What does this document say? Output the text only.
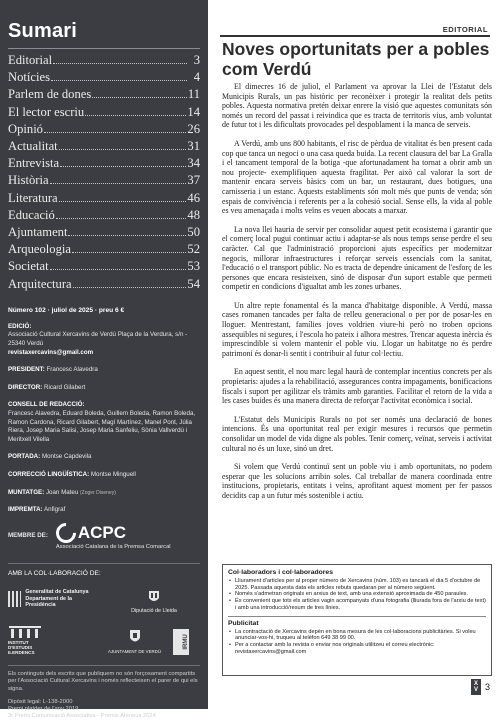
Sumari
Editorial	3
Notícies	4
Parlem de dones	11
El lector escriu	14
Opinió	26
Actualitat	31
Entrevista	34
Història	37
Literatura	46
Educació	48
Ajuntament	50
Arqueologia	52
Societat	53
Arquitectura	54
Número 102 · juliol de 2025 · preu 6 €
EDICIÓ:
Associació Cultural Xercavins de Verdú Plaça de la Verdura, s/n - 25340 Verdú
revistaxercavins@gmail.com
PRESIDENT: Francesc Alavedra
DIRECTOR: Ricard Gilabert
CONSELL DE REDACCIÓ:
Francesc Alavedra, Eduard Boleda, Guillem Boleda, Ramon Boleda, Ramon Cardona, Ricard Gilabert, Magí Martínez, Manel Pont, Júlia Riera, Josep Maria Salisi, Josep Maria Sanfeliu, Sònia Vallverdú i Meritxell Vilella
PORTADA: Montse Capdevila
CORRECCIÓ LINGÜÍSTICA: Montse Minguell
MUNTATGE: Joan Mateu (Zoger Diseney)
IMPREMTA: Anfigraf
MEMBRE DE: ACPC
Associació Catalana de la Premsa Comarcal
AMB LA COL·LABORACIÓ DE:
Generalitat de Catalunya
Departament de la Presidència
Diputació de Lleida
INSTITUT D'ESTUDIS ILERDENCS	AJUNTAMENT DE VERDÚ
IRMU
Els continguts dels escrits que publiquem no són forçosament compartits per l'Associació Cultural Xercavins i només reflecteixen el parer de qui els signa.
Dipòsit legal: L-138-2000
Premi platder de l'any 2019
3r Premi Comunicació Associativa - Premis Ateneus 2024
EDITORIAL
Noves oportunitats per a pobles com Verdú

El dimecres 16 de juliol, el Parlament va aprovar la Llei de l'Estatut dels Municipis Rurals, un pas històric per reconèixer i protegir la realitat dels petits pobles. Aquesta normativa pretén deixar enrere la visió que aquestes comunitats són només un record del passat i reivindica que es tracta de territoris vius, amb voluntat de futur tot i les dificultats provocades pel despoblament i la manca de serveis.

A Verdú, amb uns 800 habitants, el risc de pèrdua de vitalitat és ben present cada cop que tanca un negoci o una casa queda buida. La recent clausura del bar La Gralla i el tancament temporal de la botiga -que afortunadament ha tornat a obrir amb un nou projecte- exemplifiquen aquesta fragilitat. Per això cal valorar la sort de mantenir encara serveis bàsics com un bar, un restaurant, dues botigues, una carnisseria i un estanc. Aquests establiments són molt més que punts de venda; són espais de convivència i referents per a la cohesió social. Sense ells, la vida al poble es veu amenaçada i molts veïns es veuen abocats a marxar.

La nova llei hauria de servir per consolidar aquest petit ecosistema i garantir que el comerç local pugui continuar actiu i adaptar-se als nous temps sense perdre el seu caràcter. Cal que l'administració proporcioni ajuts específics per modernitzar negocis, millorar infraestructures i reforçar serveis essencials com la sanitat, l'educació o el transport públic. No es tracta de dependre únicament de l'esforç de les persones que encara resisteixen, sinó de disposar d'un suport estable que permeti competir en condicions d'igualtat amb les zones urbanes.

Un altre repte fonamental és la manca d'habitatge disponible. A Verdú, massa cases romanen tancades per falta de relleu generacional o per por de posar-les en lloguer. Mentrestant, famílies joves voldrien viure-hi però no troben opcions assequibles ni segures, i l'escola ho pateix i alhora mestres. Trencar aquesta inèrcia és imprescindible si volem mantenir el poble viu. Llogar un habitatge no és perdre patrimoni és donar-li sentit i contribuir al futur col·lectiu.

En aquest sentit, el nou marc legal haurà de contemplar incentius concrets per als propietaris: ajudes a la rehabilitació, assegurances contra impagaments, bonificacions fiscals i suport per agilitzar els tràmits amb garanties. Facilitar el retorn de la vida a les cases buides és una manera directa de reforçar l'activitat econòmica i social.

L'Estatut dels Municipis Rurals no pot ser només una declaració de bones intencions. És una oportunitat real per exigir mesures i recursos que permetin consolidar un model de vida digne als pobles. Tenir comerç, veïnat, serveis i activitat cultural no és un luxe, sinó un dret.

Si volem que Verdú continuï sent un poble viu i amb oportunitats, no podem esperar que les solucions arribin soles. Cal treballar de manera coordinada entre institucions, propietaris, entitats i veïns, aprofitant aquest moment per fer passos decidits cap a un futur més sostenible i actiu.

Col·laboradors i col·laboradores
• Lliurament d'articles per al proper número de Xercavins (núm. 103) es tancarà el dia 5 d'octubre de 2025. Passada aquesta data els articles rebuts quedaran per al número següent.
• Només s'admetran originals en arxius de text, amb una extensió aproximada de 450 paraules.
• És convenient que tots els articles vagin acompanyats d'una fotografia (lliurada fora de l'arxiu de text) i amb una introducció/resum de tres línies.
Publicitat
• La contractació de Xercavins depèn en bona mesura de les col·laboracions publicitàries. Si voleu anunciar-vos-hi, truqueu al telèfon 649 38 99 00.
• Per a contactar amb la revista o enviar nos originals utilitzeu el correu electrònic: revistaxercavins@gmail.com
X
V 3
